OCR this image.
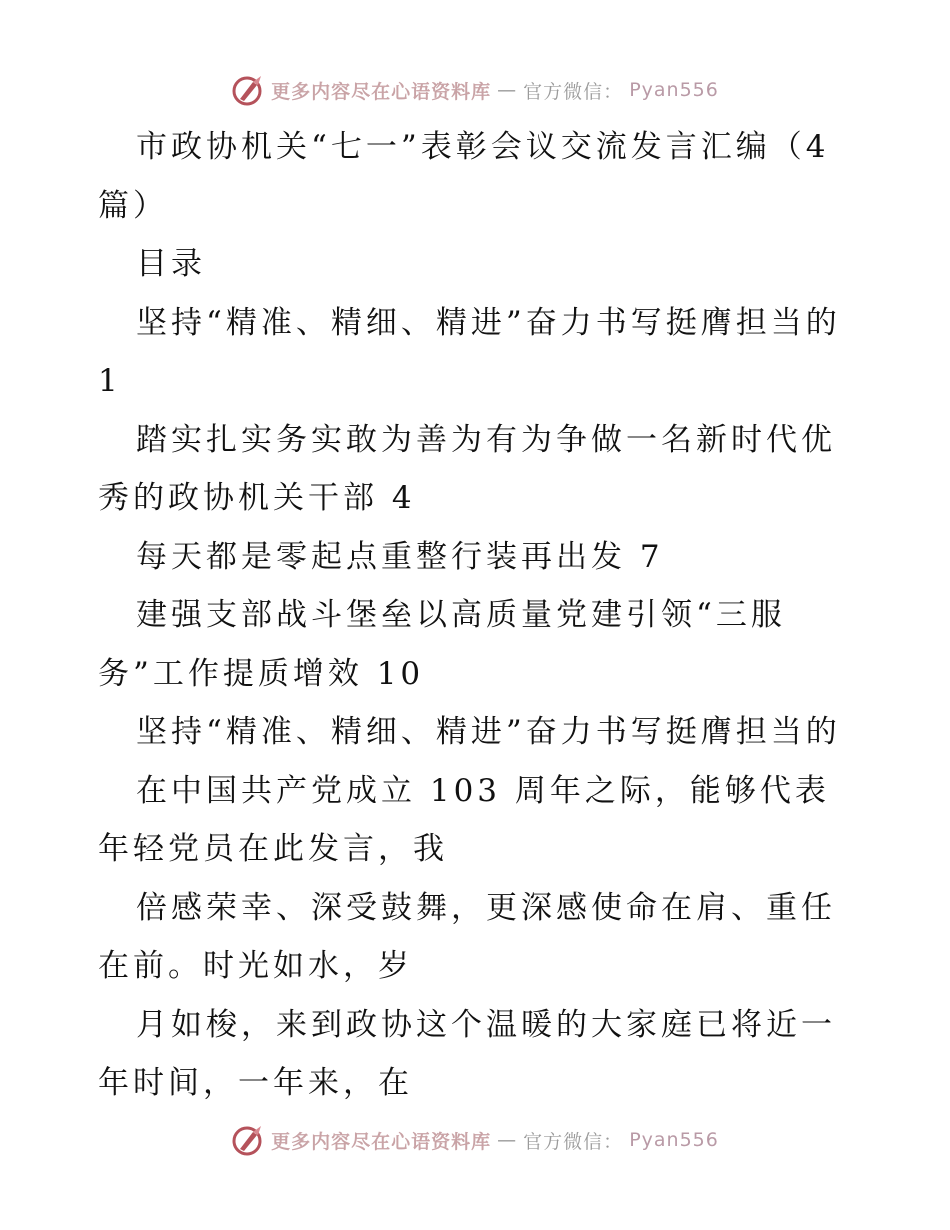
更多内容尽在心语资料库 — 官方微信： Pyan556

市政协机关“七一”表彰会议交流发言汇编（4篇）

目录

坚持“精准、精细、精进”奋力书写挺膺担当的1

踏实扎实务实敢为善为有为争做一名新时代优秀的政协机关干部 4

每天都是零起点重整行装再出发 7

建强支部战斗堡垒以高质量党建引领“三服务”工作提质增效 10

坚持“精准、精细、精进”奋力书写挺膺担当的

在中国共产党成立 103 周年之际，能够代表年轻党员在此发言，我

倍感荣幸、深受鼓舞，更深感使命在肩、重任在前。时光如水，岁

月如梭，来到政协这个温暖的大家庭已将近一年时间，一年来，在

更多内容尽在心语资料库 — 官方微信： Pyan556
